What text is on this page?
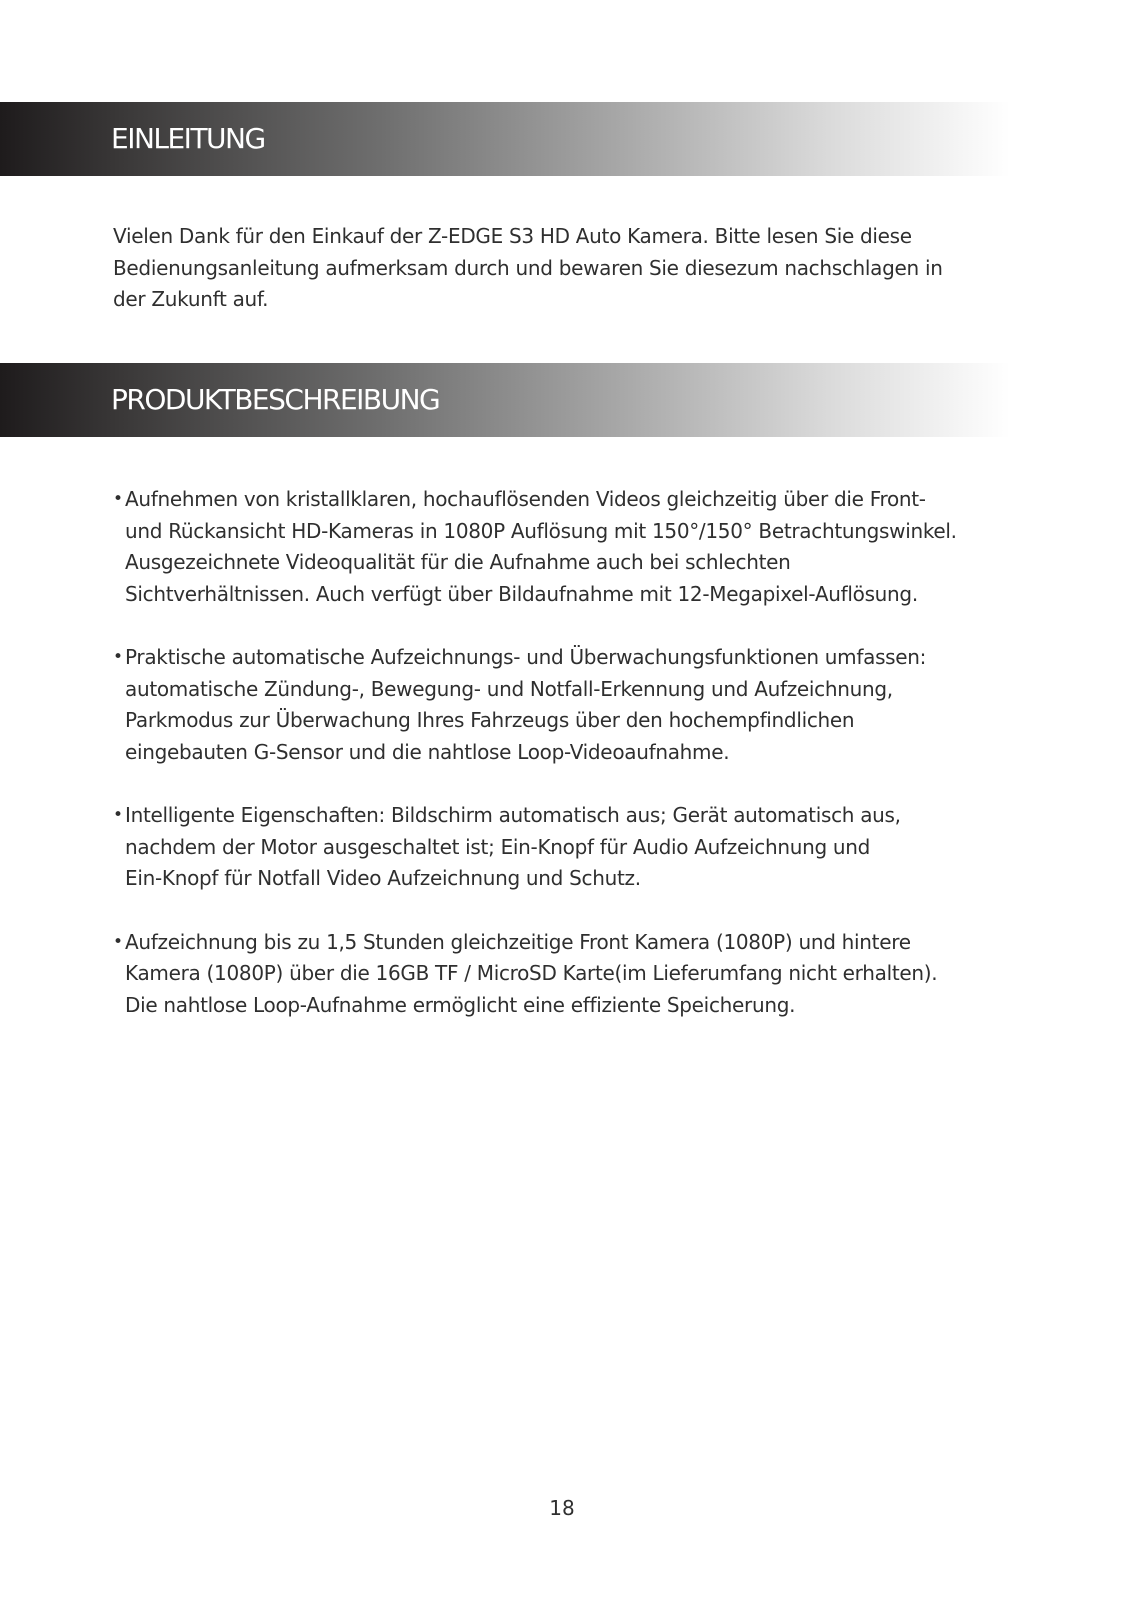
EINLEITUNG

Vielen Dank für den Einkauf der Z-EDGE S3 HD Auto Kamera. Bitte lesen Sie diese
Bedienungsanleitung aufmerksam durch und bewaren Sie diesezum nachschlagen in
der Zukunft auf.

PRODUKTBESCHREIBUNG
• Aufnehmen von kristallklaren, hochauflösenden Videos gleichzeitig über die Front-
und Rückansicht HD-Kameras in 1080P Auflösung mit 150°/150° Betrachtungswinkel.
Ausgezeichnete Videoqualität für die Aufnahme auch bei schlechten
Sichtverhältnissen. Auch verfügt über Bildaufnahme mit 12-Megapixel-Auflösung.
• Praktische automatische Aufzeichnungs- und Überwachungsfunktionen umfassen:
automatische Zündung-, Bewegung- und Notfall-Erkennung und Aufzeichnung,
Parkmodus zur Überwachung Ihres Fahrzeugs über den hochempfindlichen
eingebauten G-Sensor und die nahtlose Loop-Videoaufnahme.
• Intelligente Eigenschaften: Bildschirm automatisch aus; Gerät automatisch aus,
nachdem der Motor ausgeschaltet ist; Ein-Knopf für Audio Aufzeichnung und
Ein-Knopf für Notfall Video Aufzeichnung und Schutz.
• Aufzeichnung bis zu 1,5 Stunden gleichzeitige Front Kamera (1080P) und hintere
Kamera (1080P) über die 16GB TF / MicroSD Karte(im Lieferumfang nicht erhalten).
Die nahtlose Loop-Aufnahme ermöglicht eine effiziente Speicherung.
18
